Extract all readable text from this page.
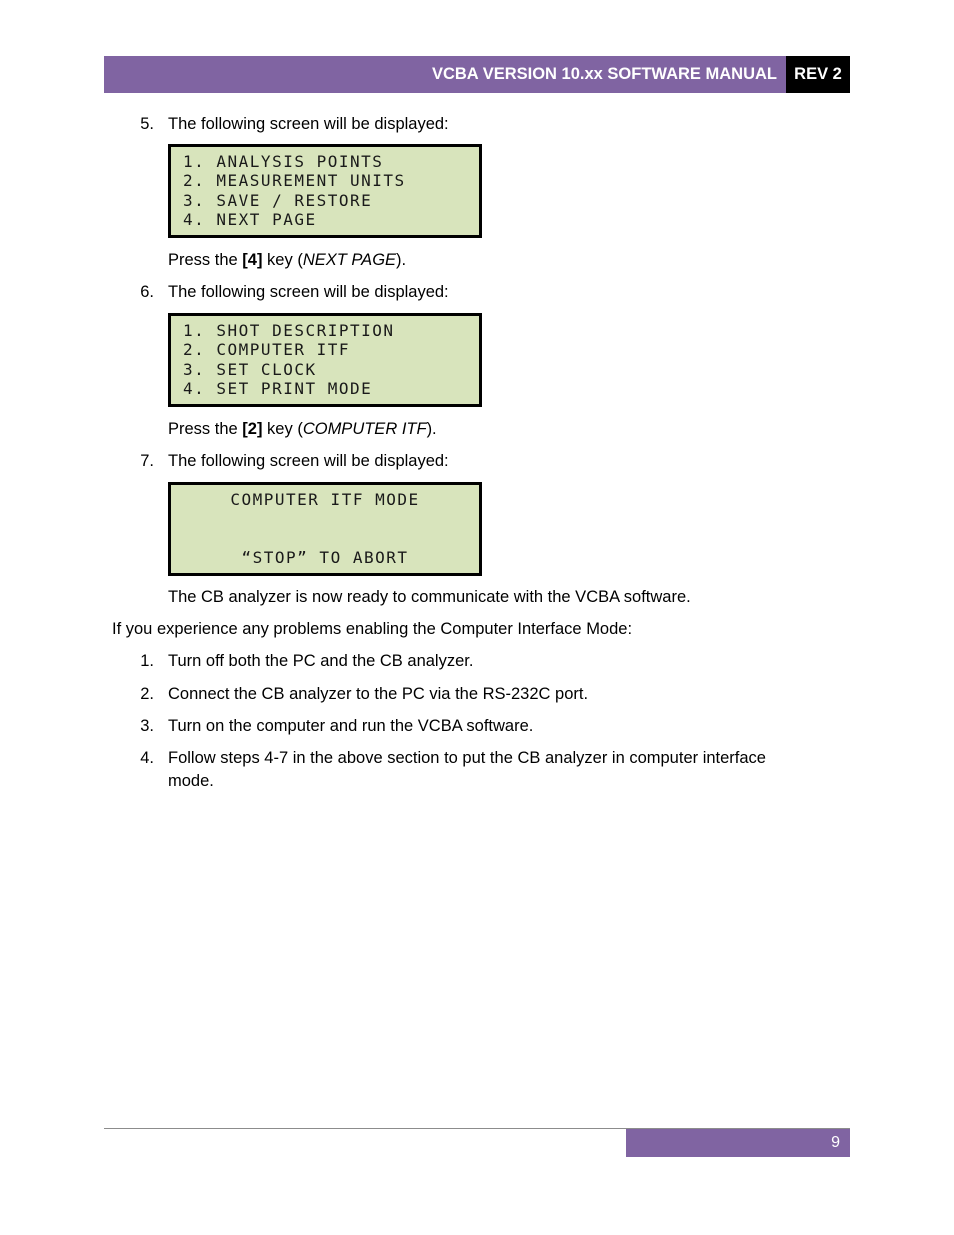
VCBA VERSION 10.xx SOFTWARE MANUAL REV 2
5. The following screen will be displayed:
1. ANALYSIS POINTS
2. MEASUREMENT UNITS
3. SAVE / RESTORE
4. NEXT PAGE
Press the [4] key (NEXT PAGE).
6. The following screen will be displayed:
1. SHOT DESCRIPTION
2. COMPUTER ITF
3. SET CLOCK
4. SET PRINT MODE
Press the [2] key (COMPUTER ITF).
7. The following screen will be displayed:
COMPUTER ITF MODE
“STOP” TO ABORT
The CB analyzer is now ready to communicate with the VCBA software.
If you experience any problems enabling the Computer Interface Mode:
1. Turn off both the PC and the CB analyzer.
2. Connect the CB analyzer to the PC via the RS-232C port.
3. Turn on the computer and run the VCBA software.
4. Follow steps 4-7 in the above section to put the CB analyzer in computer interface
mode.
9
